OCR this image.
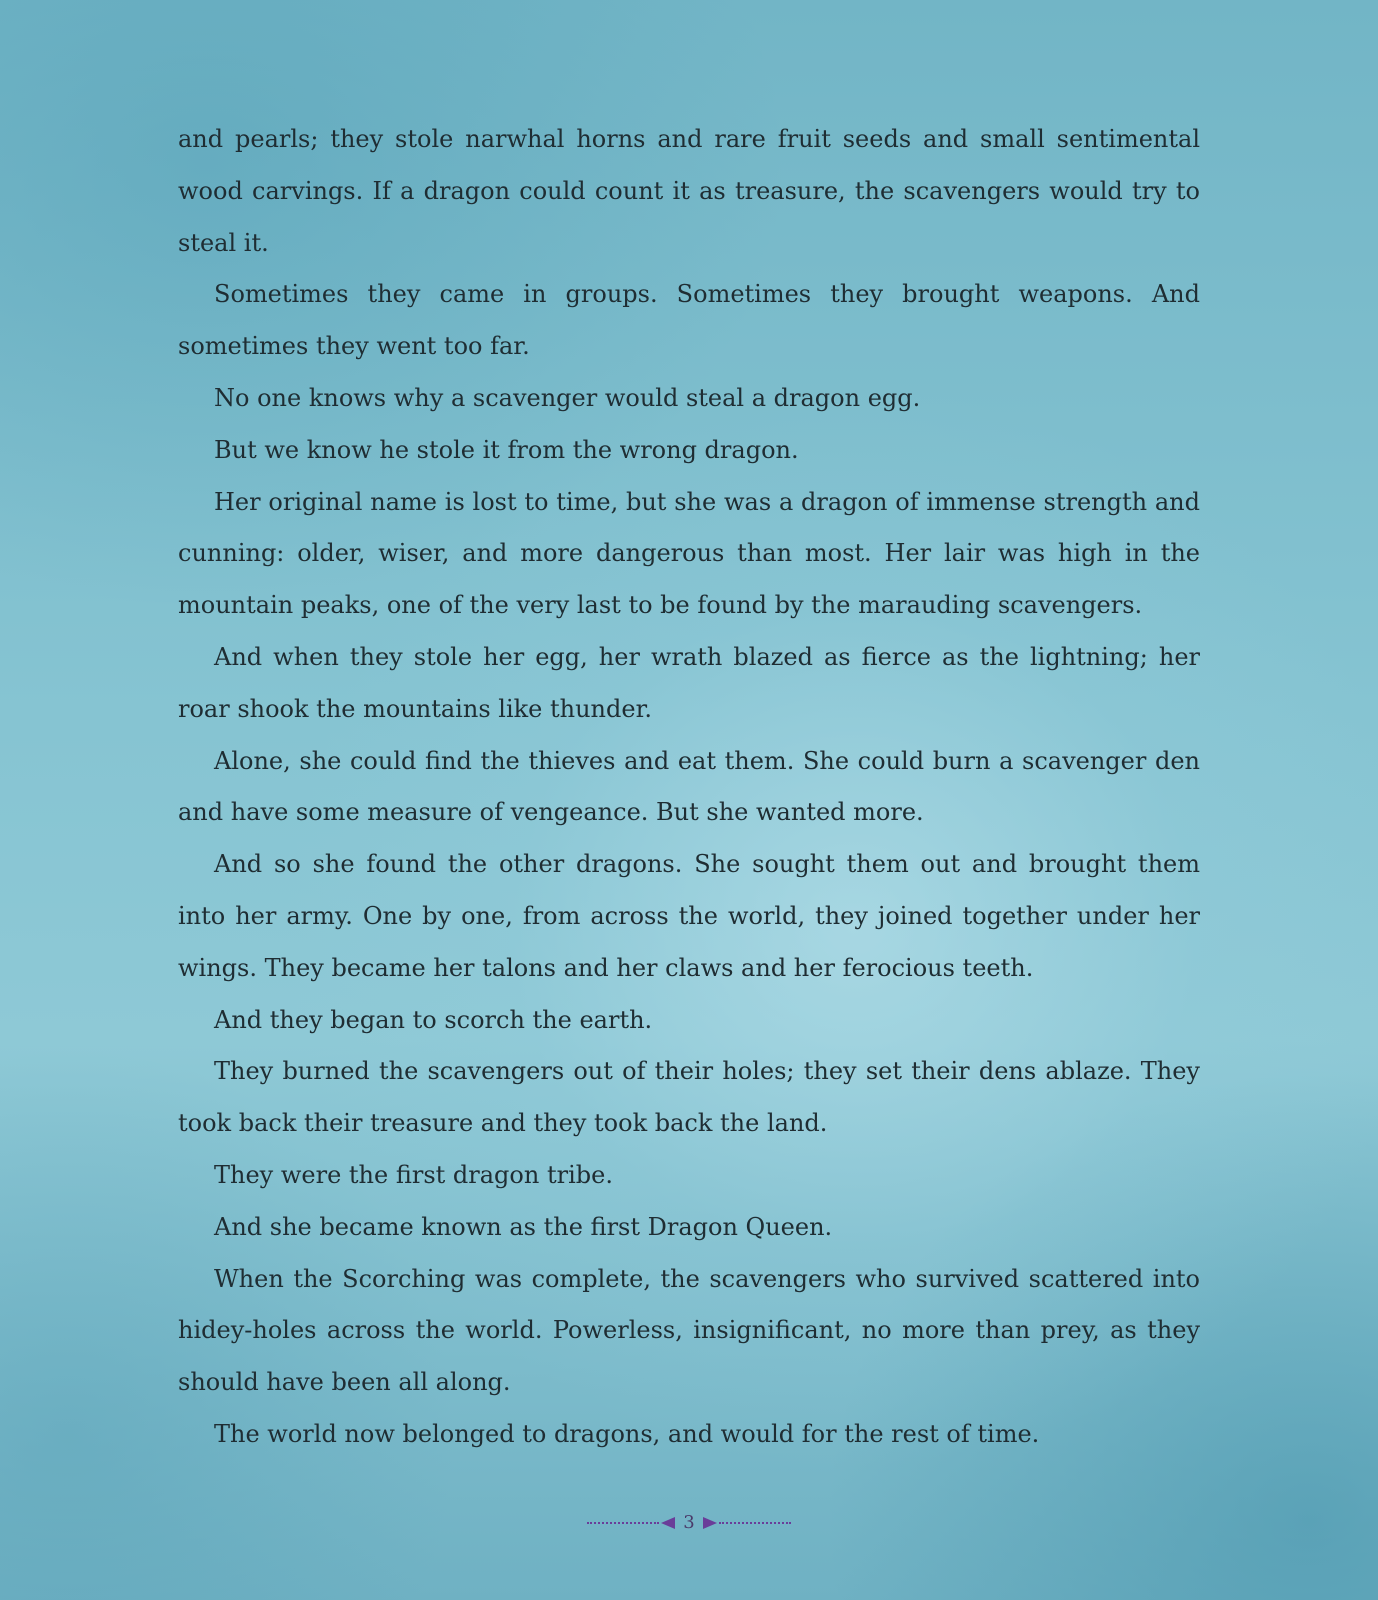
and pearls; they stole narwhal horns and rare fruit seeds and small sentimental wood carvings. If a dragon could count it as treasure, the scavengers would try to steal it.

Sometimes they came in groups. Sometimes they brought weapons. And sometimes they went too far.

No one knows why a scavenger would steal a dragon egg.

But we know he stole it from the wrong dragon.

Her original name is lost to time, but she was a dragon of immense strength and cunning: older, wiser, and more dangerous than most. Her lair was high in the mountain peaks, one of the very last to be found by the marauding scavengers.

And when they stole her egg, her wrath blazed as fierce as the lightning; her roar shook the mountains like thunder.

Alone, she could find the thieves and eat them. She could burn a scavenger den and have some measure of vengeance. But she wanted more.

And so she found the other dragons. She sought them out and brought them into her army. One by one, from across the world, they joined together under her wings. They became her talons and her claws and her ferocious teeth.

And they began to scorch the earth.

They burned the scavengers out of their holes; they set their dens ablaze. They took back their treasure and they took back the land.

They were the first dragon tribe.

And she became known as the first Dragon Queen.

When the Scorching was complete, the scavengers who survived scattered into hidey-holes across the world. Powerless, insignificant, no more than prey, as they should have been all along.

The world now belonged to dragons, and would for the rest of time.

3
